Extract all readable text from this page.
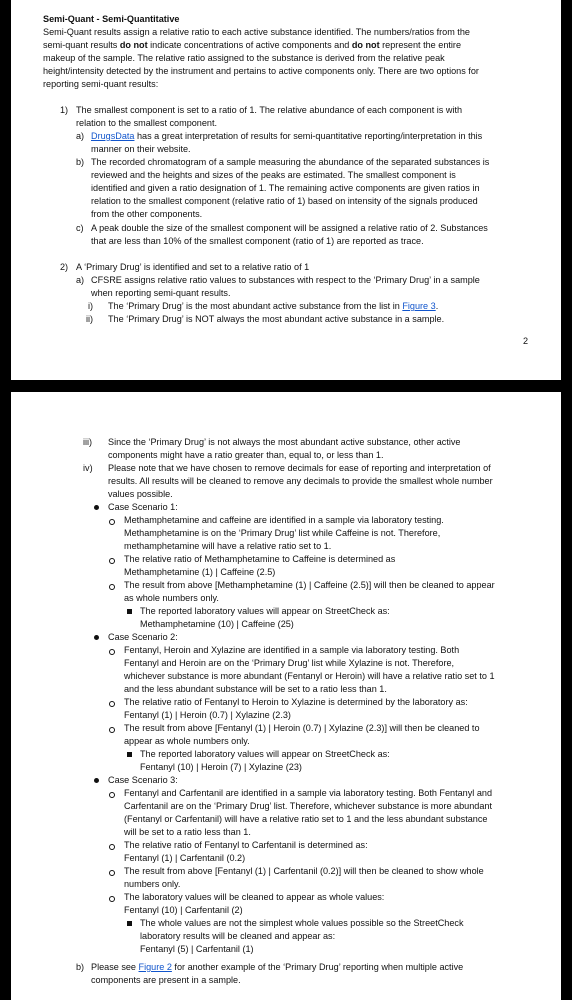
Semi-Quant - Semi-Quantitative
Semi-Quant results assign a relative ratio to each active substance identified. The numbers/ratios from the
semi-quant results do not indicate concentrations of active components and do not represent the entire
makeup of the sample. The relative ratio assigned to the substance is derived from the relative peak
height/intensity detected by the instrument and pertains to active components only. There are two options for
reporting semi-quant results:
1) The smallest component is set to a ratio of 1. The relative abundance of each component is with
relation to the smallest component.
a) DrugsData has a great interpretation of results for semi-quantitative reporting/interpretation in this
manner on their website.
b) The recorded chromatogram of a sample measuring the abundance of the separated substances is
reviewed and the heights and sizes of the peaks are estimated. The smallest component is
identified and given a ratio designation of 1. The remaining active components are given ratios in
relation to the smallest component (relative ratio of 1) based on intensity of the signals produced
from the other components.
c) A peak double the size of the smallest component will be assigned a relative ratio of 2. Substances
that are less than 10% of the smallest component (ratio of 1) are reported as trace.
2) A ‘Primary Drug’ is identified and set to a relative ratio of 1
a) CFSRE assigns relative ratio values to substances with respect to the ‘Primary Drug’ in a sample
when reporting semi-quant results.
i) The ‘Primary Drug’ is the most abundant active substance from the list in Figure 3.
ii) The ‘Primary Drug’ is NOT always the most abundant active substance in a sample.
2
iii) Since the ‘Primary Drug’ is not always the most abundant active substance, other active
components might have a ratio greater than, equal to, or less than 1.
iv) Please note that we have chosen to remove decimals for ease of reporting and interpretation of
results. All results will be cleaned to remove any decimals to provide the smallest whole number
values possible.
Case Scenario 1:
Methamphetamine and caffeine are identified in a sample via laboratory testing.
Methamphetamine is on the ‘Primary Drug’ list while Caffeine is not. Therefore,
methamphetamine will have a relative ratio set to 1.
The relative ratio of Methamphetamine to Caffeine is determined as
Methamphetamine (1) | Caffeine (2.5)
The result from above [Methamphetamine (1) | Caffeine (2.5)] will then be cleaned to appear
as whole numbers only.
The reported laboratory values will appear on StreetCheck as:
Methamphetamine (10) | Caffeine (25)
Case Scenario 2:
Fentanyl, Heroin and Xylazine are identified in a sample via laboratory testing. Both
Fentanyl and Heroin are on the ‘Primary Drug’ list while Xylazine is not. Therefore,
whichever substance is more abundant (Fentanyl or Heroin) will have a relative ratio set to 1
and the less abundant substance will be set to a ratio less than 1.
The relative ratio of Fentanyl to Heroin to Xylazine is determined by the laboratory as:
Fentanyl (1) | Heroin (0.7) | Xylazine (2.3)
The result from above [Fentanyl (1) | Heroin (0.7) | Xylazine (2.3)] will then be cleaned to
appear as whole numbers only.
The reported laboratory values will appear on StreetCheck as:
Fentanyl (10) | Heroin (7) | Xylazine (23)
Case Scenario 3:
Fentanyl and Carfentanil are identified in a sample via laboratory testing. Both Fentanyl and
Carfentanil are on the ‘Primary Drug’ list. Therefore, whichever substance is more abundant
(Fentanyl or Carfentanil) will have a relative ratio set to 1 and the less abundant substance
will be set to a ratio less than 1.
The relative ratio of Fentanyl to Carfentanil is determined as:
Fentanyl (1) | Carfentanil (0.2)
The result from above [Fentanyl (1) | Carfentanil (0.2)] will then be cleaned to show whole
numbers only.
The laboratory values will be cleaned to appear as whole values:
Fentanyl (10) | Carfentanil (2)
The whole values are not the simplest whole values possible so the StreetCheck
laboratory results will be cleaned and appear as:
Fentanyl (5) | Carfentanil (1)
b) Please see Figure 2 for another example of the ‘Primary Drug’ reporting when multiple active
components are present in a sample.
